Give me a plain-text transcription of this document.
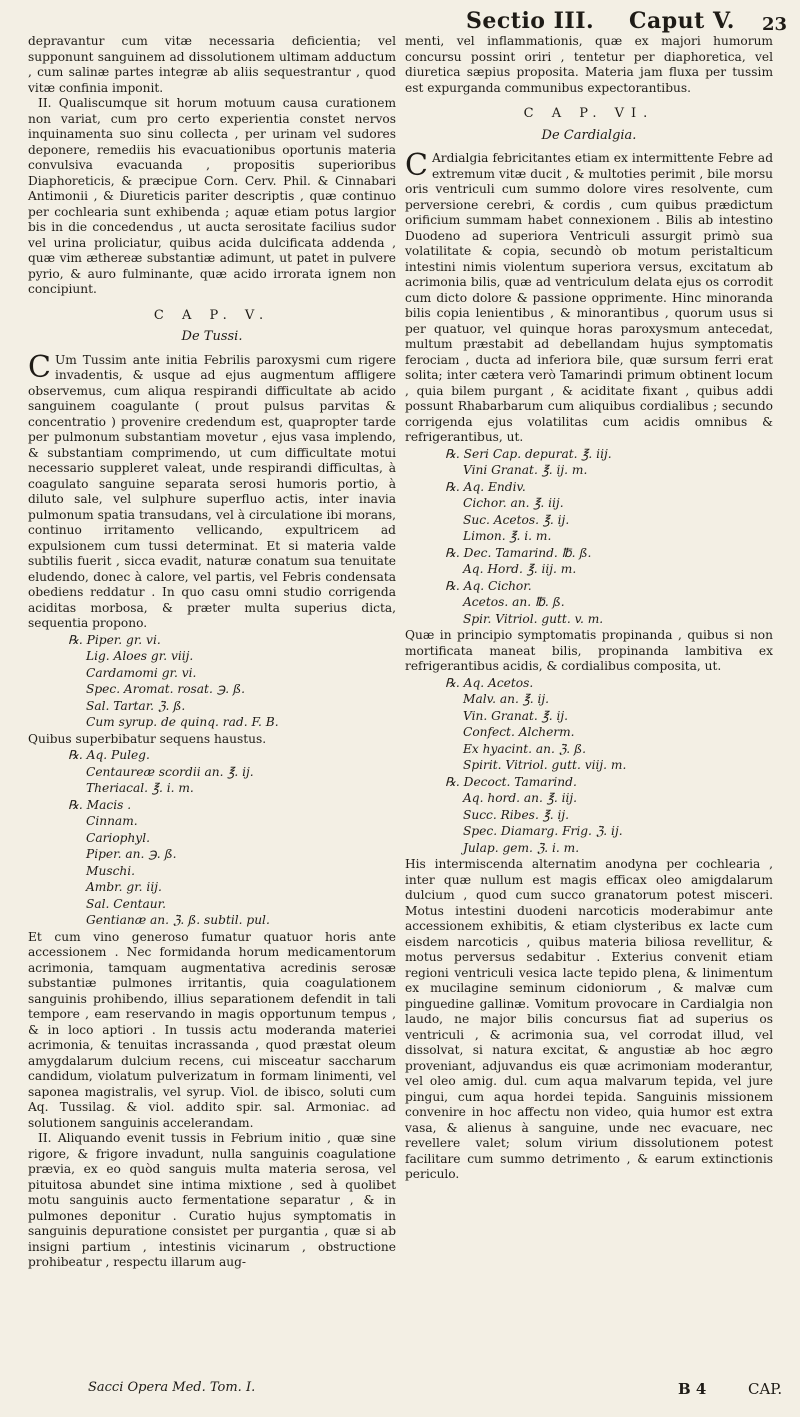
Sectio III. Caput V. 23

depravantur cum vitæ necessaria deficientia; vel supponunt sanguinem ad dissolutionem ultimam adductum , cum salinæ partes integræ ab aliis sequestrantur , quod vitæ confinia imponit.

II. Qualiscumque sit horum motuum causa curationem non variat, cum pro certo experientia constet nervos inquinamenta suo sinu collecta , per urinam vel sudores deponere, remediis his evacuationibus oportunis materia convulsiva evacuanda , propositis superioribus Diaphoreticis, & præcipue Corn. Cerv. Phil. & Cinnabari Antimonii , & Diureticis pariter descriptis , quæ continuo per cochlearia sunt exhibenda ; aquæ etiam potus largior bis in die concedendus , ut aucta serositate facilius sudor vel urina proliciatur, quibus acida dulcificata addenda , quæ vim æthereæ substantiæ adimunt, ut patet in pulvere pyrio, & auro fulminante, quæ acido irrorata ignem non concipiunt.

C A P. V.
De Tussi.

C Um Tussim ante initia Febrilis paroxysmi cum rigere invadentis, & usque ad ejus augmentum affligere observemus, cum aliqua respirandi difficultate ab acido sanguinem coagulante ( prout pulsus parvitas & concentratio ) provenire credendum est, quapropter tarde per pulmonum substantiam movetur , ejus vasa implendo, & substantiam comprimendo, ut cum difficultate motui necessario suppleret valeat, unde respirandi difficultas, à coagulato sanguine separata serosi humoris portio, à diluto sale, vel sulphure superfluo actis, inter inavia pulmonum spatia transudans, vel à circulatione ibi morans, continuo irritamento vellicando, expultricem ad expulsionem cum tussi determinat. Et si materia valde subtilis fuerit , sicca evadit, naturæ conatum sua tenuitate eludendo, donec à calore, vel partis, vel Febris condensata obediens reddatur . In quo casu omni studio corrigenda aciditas morbosa, & præter multa superius dicta, sequentia propono.

℞. Piper. gr. vi.
Lig. Aloes gr. viij.
Cardamomi gr. vi.
Spec. Aromat. rosat. ℈. ß.
Sal. Tartar. ℨ. ß.
Cum syrup. de quinq. rad. F. B.

Quibus superbibatur sequens haustus.

℞. Aq. Puleg.
Centaureæ scordii an. ℥. ij.
Theriacal. ℥. i. m.
℞. Macis .
Cinnam.
Cariophyl.
Piper. an. ℈. ß.
Muschi.
Ambr. gr. iij.
Sal. Centaur.
Gentianæ an. ℨ. ß. subtil. pul.

Et cum vino generoso fumatur quatuor horis ante accessionem . Nec formidanda horum medicamentorum acrimonia, tamquam augmentativa acredinis serosæ substantiæ pulmones irritantis, quia coagulationem sanguinis prohibendo, illius separationem defendit in tali tempore , eam reservando in magis opportunum tempus , & in loco aptiori . In tussis actu moderanda materiei acrimonia, & tenuitas incrassanda , quod præstat oleum amygdalarum dulcium recens, cui misceatur saccharum candidum, violatum pulverizatum in formam linimenti, vel saponea magistralis, vel syrup. Viol. de ibisco, soluti cum Aq. Tussilag. & viol. addito spir. sal. Armoniac. ad solutionem sanguinis accelerandam.

II. Aliquando evenit tussis in Febrium initio , quæ sine rigore, & frigore invadunt, nulla sanguinis coagulatione prævia, ex eo quòd sanguis multa materia serosa, vel pituitosa abundet sine intima mixtione , sed à quolibet motu sanguinis aucto fermentatione separatur , & in pulmones deponitur . Curatio hujus symptomatis in sanguinis depuratione consistet per purgantia , quæ si ab insigni partium , intestinis vicinarum , obstructione prohibeatur , respectu illarum aug-

menti, vel inflammationis, quæ ex majori humorum concursu possint oriri , tentetur per diaphoretica, vel diuretica sæpius proposita. Materia jam fluxa per tussim est expurganda communibus expectorantibus.

C A P. VI.
De Cardialgia.

C Ardialgia febricitantes etiam ex intermittente Febre ad extremum vitæ ducit , & multoties perimit , bile morsu oris ventriculi cum summo dolore vires resolvente, cum perversione cerebri, & cordis , cum quibus prædictum orificium summam habet connexionem . Bilis ab intestino Duodeno ad superiora Ventriculi assurgit primò sua volatilitate & copia, secundò ob motum peristalticum intestini nimis violentum superiora versus, excitatum ab acrimonia bilis, quæ ad ventriculum delata ejus os corrodit cum dicto dolore & passione opprimente. Hinc minoranda bilis copia lenientibus , & minorantibus , quorum usus si per quatuor, vel quinque horas paroxysmum antecedat, multum præstabit ad debellandam hujus symptomatis ferociam , ducta ad inferiora bile, quæ sursum ferri erat solita; inter cætera verò Tamarindi primum obtinent locum , quia bilem purgant , & aciditate fixant , quibus addi possunt Rhabarbarum cum aliquibus cordialibus ; secundo corrigenda ejus volatilitas cum acidis omnibus & refrigerantibus, ut.

℞. Seri Cap. depurat. ℥. iij.
Vini Granat. ℥. ij. m.
℞. Aq. Endiv.
Cichor. an. ℥. iij.
Suc. Acetos. ℥. ij.
Limon. ℥. i. m.
℞. Dec. Tamarind. ℔. ß.
Aq. Hord. ℥. iij. m.
℞. Aq. Cichor.
Acetos. an. ℔. ß.
Spir. Vitriol. gutt. v. m.

Quæ in principio symptomatis propinanda , quibus si non mortificata maneat bilis, propinanda lambitiva ex refrigerantibus acidis, & cordialibus composita, ut.

℞. Aq. Acetos.
Malv. an. ℥. ij.
Vin. Granat. ℥. ij.
Confect. Alcherm.
Ex hyacint. an. ℨ. ß.
Spirit. Vitriol. gutt. viij. m.
℞. Decoct. Tamarind.
Aq. hord. an. ℥. iij.
Succ. Ribes. ℥. ij.
Spec. Diamarg. Frig. ℨ. ij.
Julap. gem. ℨ. i. m.

His intermiscenda alternatim anodyna per cochlearia , inter quæ nullum est magis efficax oleo amigdalarum dulcium , quod cum succo granatorum potest misceri. Motus intestini duodeni narcoticis moderabimur ante accessionem exhibitis, & etiam clysteribus ex lacte cum eisdem narcoticis , quibus materia biliosa revellitur, & motus perversus sedabitur . Exterius convenit etiam regioni ventriculi vesica lacte tepido plena, & linimentum ex mucilagine seminum cidoniorum , & malvæ cum pinguedine gallinæ. Vomitum provocare in Cardialgia non laudo, ne major bilis concursus fiat ad superius os ventriculi , & acrimonia sua, vel corrodat illud, vel dissolvat, si natura excitat, & angustiæ ab hoc ægro proveniant, adjuvandus eis quæ acrimoniam moderantur, vel oleo amig. dul. cum aqua malvarum tepida, vel jure pingui, cum aqua hordei tepida. Sanguinis missionem convenire in hoc affectu non video, quia humor est extra vasa, & alienus à sanguine, unde nec evacuare, nec revellere valet; solum virium dissolutionem potest facilitare cum summo detrimento , & earum extinctionis periculo.

Sacci Opera Med. Tom. I.	B 4	CAP.
